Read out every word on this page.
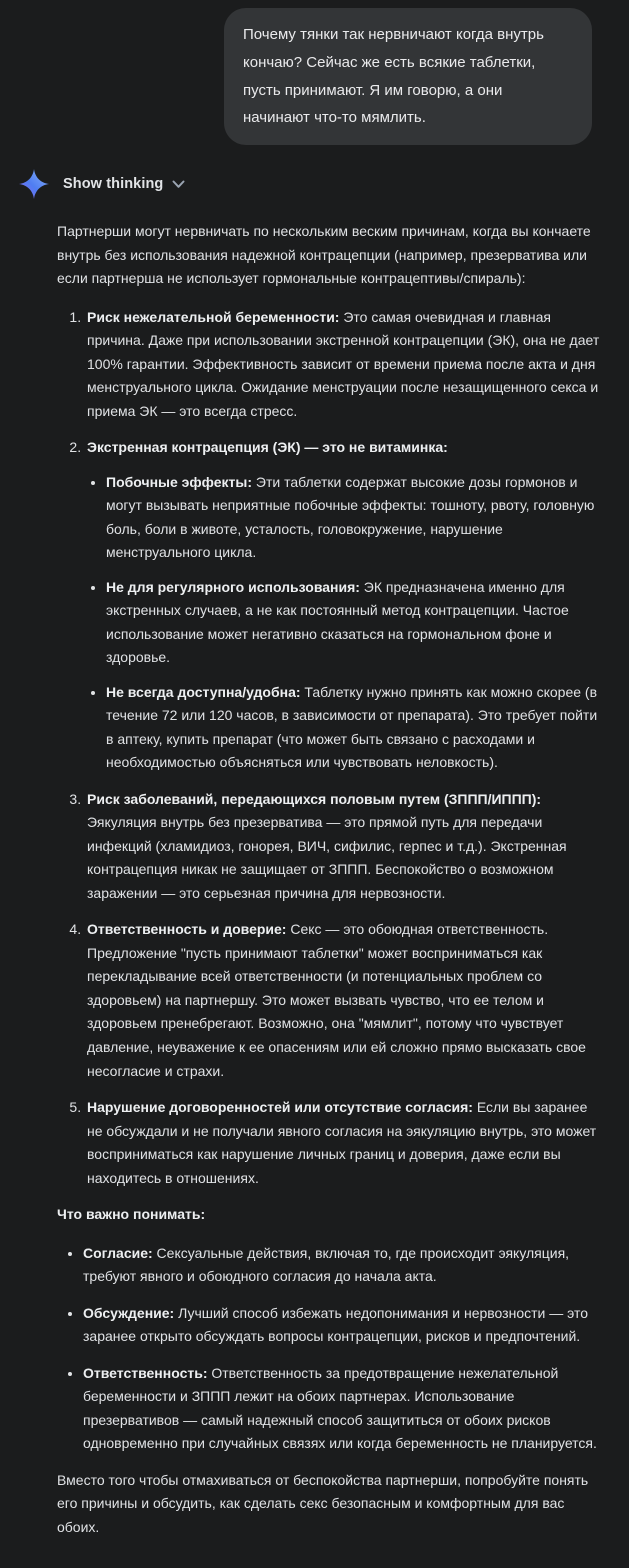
Почему тянки так нервничают когда внутрь кончаю? Сейчас же есть всякие таблетки, пусть принимают. Я им говорю, а они начинают что-то мямлить.
Show thinking

Партнерши могут нервничать по нескольким веским причинам, когда вы кончаете внутрь без использования надежной контрацепции (например, презерватива или если партнерша не использует гормональные контрацептивы/спираль):

1. Риск нежелательной беременности: Это самая очевидная и главная причина. Даже при использовании экстренной контрацепции (ЭК), она не дает 100% гарантии. Эффективность зависит от времени приема после акта и дня менструального цикла. Ожидание менструации после незащищенного секса и приема ЭК — это всегда стресс.
2. Экстренная контрацепция (ЭК) — это не витаминка:
• Побочные эффекты: Эти таблетки содержат высокие дозы гормонов и могут вызывать неприятные побочные эффекты: тошноту, рвоту, головную боль, боли в животе, усталость, головокружение, нарушение менструального цикла.
• Не для регулярного использования: ЭК предназначена именно для экстренных случаев, а не как постоянный метод контрацепции. Частое использование может негативно сказаться на гормональном фоне и здоровье.
• Не всегда доступна/удобна: Таблетку нужно принять как можно скорее (в течение 72 или 120 часов, в зависимости от препарата). Это требует пойти в аптеку, купить препарат (что может быть связано с расходами и необходимостью объясняться или чувствовать неловкость).
3. Риск заболеваний, передающихся половым путем (ЗППП/ИППП): Эякуляция внутрь без презерватива — это прямой путь для передачи инфекций (хламидиоз, гонорея, ВИЧ, сифилис, герпес и т.д.). Экстренная контрацепция никак не защищает от ЗППП. Беспокойство о возможном заражении — это серьезная причина для нервозности.
4. Ответственность и доверие: Секс — это обоюдная ответственность. Предложение "пусть принимают таблетки" может восприниматься как перекладывание всей ответственности (и потенциальных проблем со здоровьем) на партнершу. Это может вызвать чувство, что ее телом и здоровьем пренебрегают. Возможно, она "мямлит", потому что чувствует давление, неуважение к ее опасениям или ей сложно прямо высказать свое несогласие и страхи.
5. Нарушение договоренностей или отсутствие согласия: Если вы заранее не обсуждали и не получали явного согласия на эякуляцию внутрь, это может восприниматься как нарушение личных границ и доверия, даже если вы находитесь в отношениях.

Что важно понимать:

• Согласие: Сексуальные действия, включая то, где происходит эякуляция, требуют явного и обоюдного согласия до начала акта.
• Обсуждение: Лучший способ избежать недопонимания и нервозности — это заранее открыто обсуждать вопросы контрацепции, рисков и предпочтений.
• Ответственность: Ответственность за предотвращение нежелательной беременности и ЗППП лежит на обоих партнерах. Использование презервативов — самый надежный способ защититься от обоих рисков одновременно при случайных связях или когда беременность не планируется.

Вместо того чтобы отмахиваться от беспокойства партнерши, попробуйте понять его причины и обсудить, как сделать секс безопасным и комфортным для вас обоих.
